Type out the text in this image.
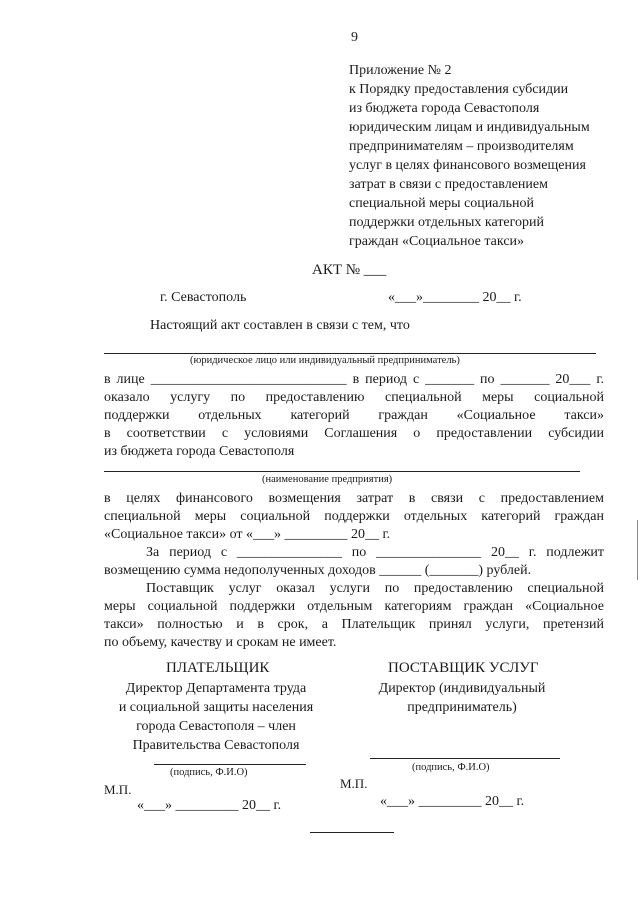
9
Приложение № 2
к Порядку предоставления субсидии
из бюджета города Севастополя
юридическим лицам и индивидуальным
предпринимателям – производителям
услуг в целях финансового возмещения
затрат в связи с предоставлением
специальной меры социальной
поддержки отдельных категорий
граждан «Социальное такси»
АКТ № ___
г. Севастополь	«___»________ 20__ г.
Настоящий акт составлен в связи с тем, что
(юридическое лицо или индивидуальный предприниматель)
в лице ____________________________ в период с _______ по _______ 20___ г.
оказало услугу по предоставлению специальной меры социальной
поддержки отдельных категорий граждан «Социальное такси»
в соответствии с условиями Соглашения о предоставлении субсидии
из бюджета города Севастополя
(наименование предприятия)
в целях финансового возмещения затрат в связи с предоставлением
специальной меры социальной поддержки отдельных категорий граждан
«Социальное такси» от «___» _________ 20__ г.
За период с _______________ по _______________ 20__ г. подлежит
возмещению сумма недополученных доходов ______ (_______) рублей.
Поставщик услуг оказал услуги по предоставлению специальной
меры социальной поддержки отдельным категориям граждан «Социальное
такси» полностью и в срок, а Плательщик принял услуги, претензий
по объему, качеству и срокам не имеет.
ПЛАТЕЛЬЩИК
Директор Департамента труда
и социальной защиты населения
города Севастополя – член
Правительства Севастополя
ПОСТАВЩИК УСЛУГ
Директор (индивидуальный
предприниматель)
(подпись, Ф.И.О)
М.П.
«___» _________ 20__ г.
(подпись, Ф.И.О)
М.П.
«___» _________ 20__ г.
